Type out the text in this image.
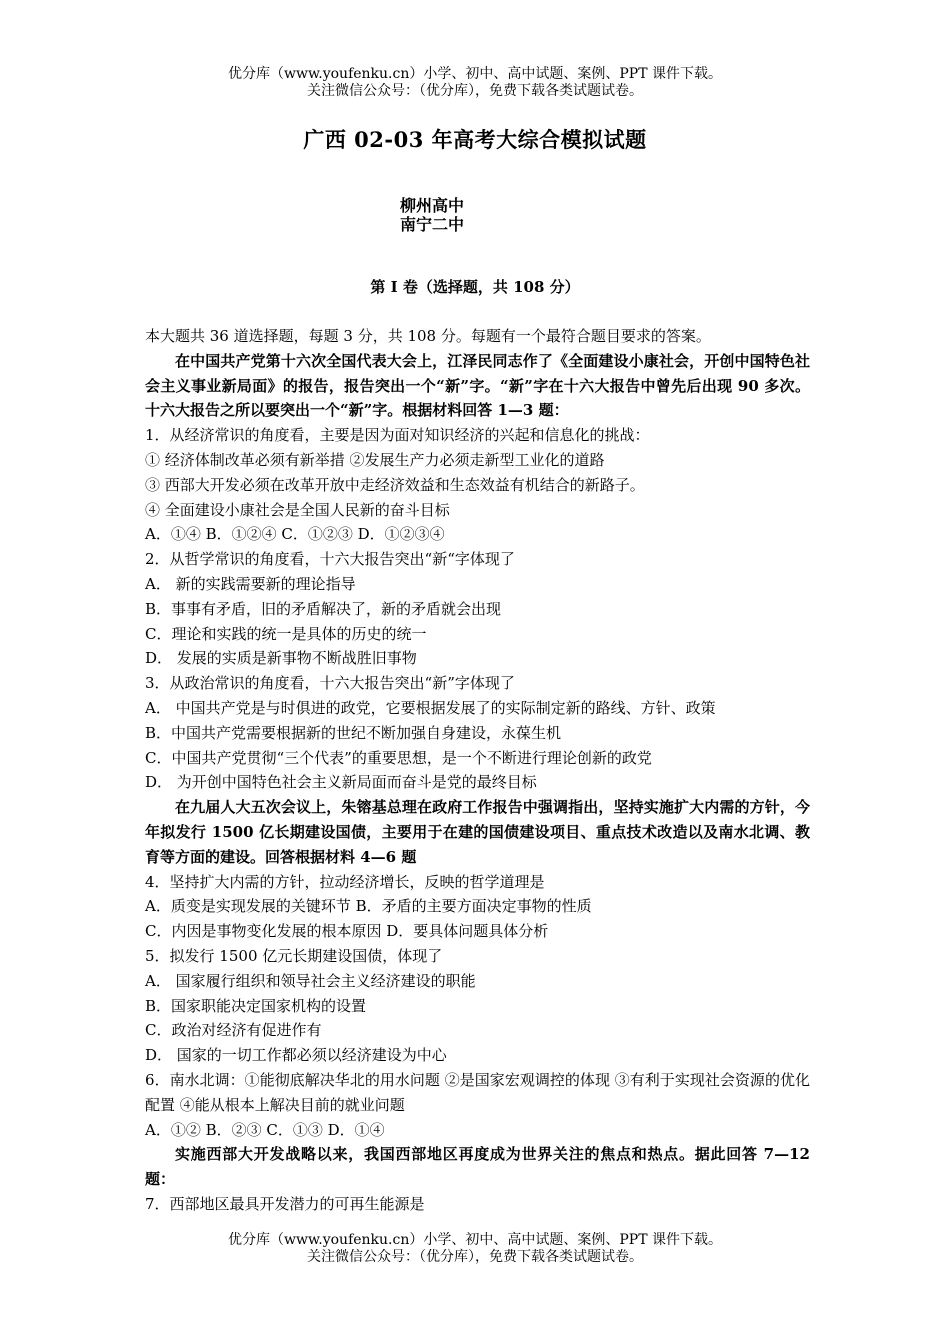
优分库（www.youfenku.cn）小学、初中、高中试题、案例、PPT 课件下载。
关注微信公众号：（优分库），免费下载各类试题试卷。
广西 02-03 年高考大综合模拟试题
柳州高中
南宁二中
第 I 卷（选择题，共 108 分）

本大题共 36 道选择题，每题 3 分，共 108 分。每题有一个最符合题目要求的答案。

在中国共产党第十六次全国代表大会上，江泽民同志作了《全面建设小康社会，开创中国特色社会主义事业新局面》的报告，报告突出一个“新”字。“新”字在十六大报告中曾先后出现 90 多次。十六大报告之所以要突出一个“新”字。根据材料回答 1—3 题：

1．从经济常识的角度看，主要是因为面对知识经济的兴起和信息化的挑战：

① 经济体制改革必须有新举措 ②发展生产力必须走新型工业化的道路

③ 西部大开发必须在改革开放中走经济效益和生态效益有机结合的新路子。

④ 全面建设小康社会是全国人民新的奋斗目标

A．①④ B．①②④ C．①②③ D．①②③④

2．从哲学常识的角度看，十六大报告突出“新“字体现了

A． 新的实践需要新的理论指导

B．事事有矛盾，旧的矛盾解决了，新的矛盾就会出现

C．理论和实践的统一是具体的历史的统一

D． 发展的实质是新事物不断战胜旧事物

3．从政治常识的角度看，十六大报告突出“新”字体现了

A． 中国共产党是与时俱进的政党，它要根据发展了的实际制定新的路线、方针、政策

B．中国共产党需要根据新的世纪不断加强自身建设，永葆生机

C．中国共产党贯彻“三个代表”的重要思想，是一个不断进行理论创新的政党

D． 为开创中国特色社会主义新局面而奋斗是党的最终目标

在九届人大五次会议上，朱镕基总理在政府工作报告中强调指出，坚持实施扩大内需的方针，今年拟发行 1500 亿长期建设国债，主要用于在建的国债建设项目、重点技术改造以及南水北调、教育等方面的建设。回答根据材料 4—6 题

4．坚持扩大内需的方针，拉动经济增长，反映的哲学道理是

A．质变是实现发展的关键环节 B．矛盾的主要方面决定事物的性质

C．内因是事物变化发展的根本原因 D．要具体问题具体分析

5．拟发行 1500 亿元长期建设国债，体现了

A． 国家履行组织和领导社会主义经济建设的职能

B．国家职能决定国家机构的设置

C．政治对经济有促进作有

D． 国家的一切工作都必须以经济建设为中心

6．南水北调：①能彻底解决华北的用水问题 ②是国家宏观调控的体现 ③有利于实现社会资源的优化配置 ④能从根本上解决目前的就业问题

A．①② B．②③ C．①③ D．①④

实施西部大开发战略以来，我国西部地区再度成为世界关注的焦点和热点。据此回答 7—12 题：

7．西部地区最具开发潜力的可再生能源是

优分库（www.youfenku.cn）小学、初中、高中试题、案例、PPT 课件下载。
关注微信公众号：（优分库），免费下载各类试题试卷。
